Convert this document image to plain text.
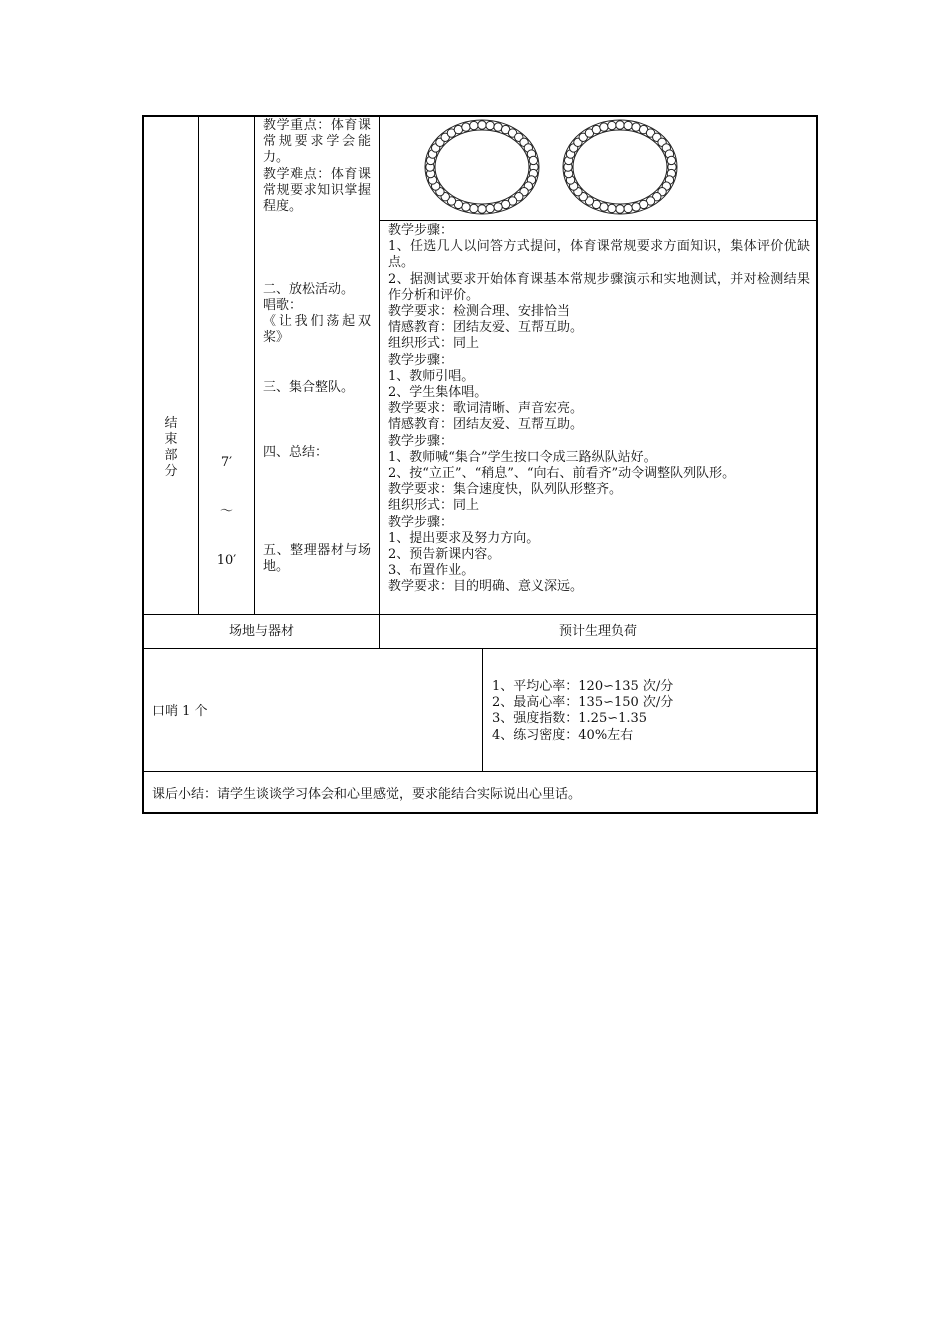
结束部分

7′

～

10′

教学重点：体育课常规要求学会能力。
教学难点：体育课常规要求知识掌握程度。
二、放松活动。
唱歌：
《让我们荡起双桨》
三、集合整队。
四、总结：
五、整理器材与场地。
教学步骤：
1、任选几人以问答方式提问，体育课常规要求方面知识，集体评价优缺点。
2、据测试要求开始体育课基本常规步骤演示和实地测试，并对检测结果作分析和评价。
教学要求：检测合理、安排恰当
情感教育：团结友爱、互帮互助。
组织形式：同上
教学步骤：
1、教师引唱。
2、学生集体唱。
教学要求：歌词清晰、声音宏亮。
情感教育：团结友爱、互帮互助。
教学步骤：
1、教师喊“集合”学生按口令成三路纵队站好。
2、按“立正”、“稍息”、“向右、前看齐”动令调整队列队形。
教学要求：集合速度快，队列队形整齐。
组织形式：同上
教学步骤：
1、提出要求及努力方向。
2、预告新课内容。
3、布置作业。
教学要求：目的明确、意义深远。
场地与器材	预计生理负荷
口哨 1 个
1、平均心率：120∽135 次/分
2、最高心率：135∽150 次/分
3、强度指数：1.25∽1.35
4、练习密度：40%左右
课后小结：请学生谈谈学习体会和心里感觉，要求能结合实际说出心里话。
